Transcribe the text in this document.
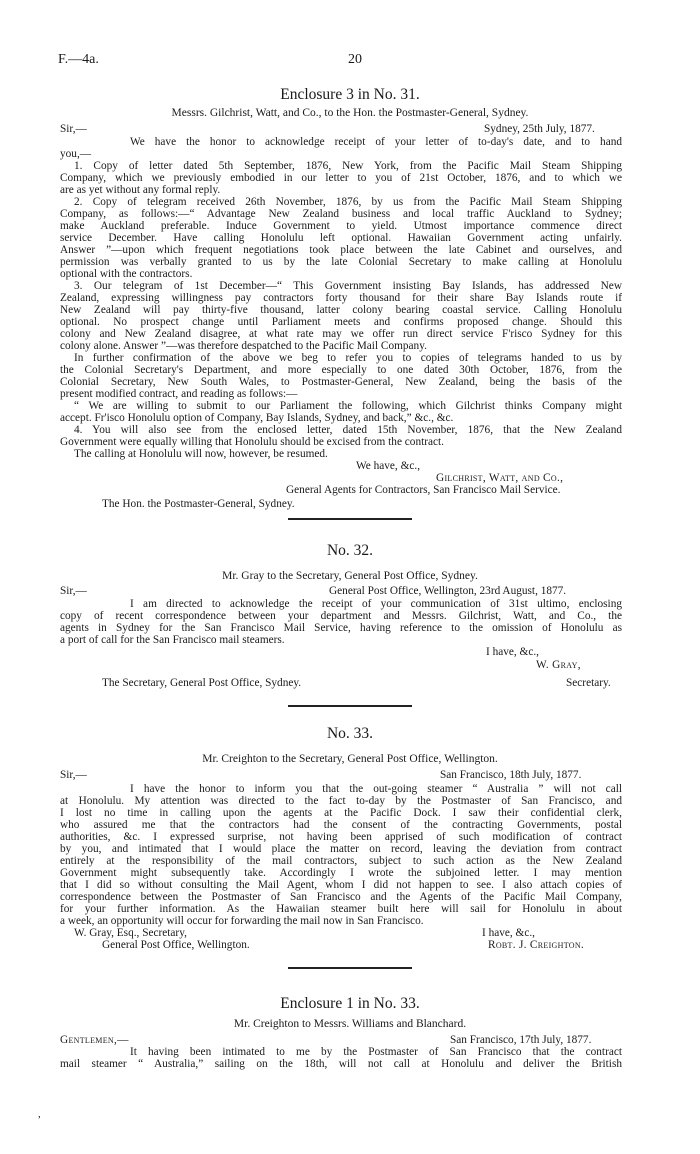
F.—4a.	20
Enclosure 3 in No. 31.
Messrs. Gilchrist, Watt, and Co., to the Hon. the Postmaster-General, Sydney.
Sir,—	Sydney, 25th July, 1877.
We have the honor to acknowledge receipt of your letter of to-day's date, and to hand
you,—
1. Copy of letter dated 5th September, 1876, New York, from the Pacific Mail Steam Shipping
Company, which we previously embodied in our letter to you of 21st October, 1876, and to which we
are as yet without any formal reply.
2. Copy of telegram received 26th November, 1876, by us from the Pacific Mail Steam Shipping
Company, as follows:—“ Advantage New Zealand business and local traffic Auckland to Sydney;
make Auckland preferable. Induce Government to yield. Utmost importance commence direct
service December. Have calling Honolulu left optional. Hawaiian Government acting unfairly.
Answer ”—upon which frequent negotiations took place between the late Cabinet and ourselves, and
permission was verbally granted to us by the late Colonial Secretary to make calling at Honolulu
optional with the contractors.
3. Our telegram of 1st December—“ This Government insisting Bay Islands, has addressed New
Zealand, expressing willingness pay contractors forty thousand for their share Bay Islands route if
New Zealand will pay thirty-five thousand, latter colony bearing coastal service. Calling Honolulu
optional. No prospect change until Parliament meets and confirms proposed change. Should this
colony and New Zealand disagree, at what rate may we offer run direct service F'risco Sydney for this
colony alone. Answer ”—was therefore despatched to the Pacific Mail Company.
In further confirmation of the above we beg to refer you to copies of telegrams handed to us by
the Colonial Secretary's Department, and more especially to one dated 30th October, 1876, from the
Colonial Secretary, New South Wales, to Postmaster-General, New Zealand, being the basis of the
present modified contract, and reading as follows:—
“ We are willing to submit to our Parliament the following, which Gilchrist thinks Company might
accept. Fr'isco Honolulu option of Company, Bay Islands, Sydney, and back,” &c., &c.
4. You will also see from the enclosed letter, dated 15th November, 1876, that the New Zealand
Government were equally willing that Honolulu should be excised from the contract.
The calling at Honolulu will now, however, be resumed.
We have, &c.,
Gilchrist, Watt, and Co.,
General Agents for Contractors, San Francisco Mail Service.
The Hon. the Postmaster-General, Sydney.
No. 32.
Mr. Gray to the Secretary, General Post Office, Sydney.
Sir,—	General Post Office, Wellington, 23rd August, 1877.
I am directed to acknowledge the receipt of your communication of 31st ultimo, enclosing
copy of recent correspondence between your department and Messrs. Gilchrist, Watt, and Co., the
agents in Sydney for the San Francisco Mail Service, having reference to the omission of Honolulu as
a port of call for the San Francisco mail steamers.
I have, &c.,
W. Gray,
The Secretary, General Post Office, Sydney.	Secretary.
No. 33.
Mr. Creighton to the Secretary, General Post Office, Wellington.
Sir,—	San Francisco, 18th July, 1877.
I have the honor to inform you that the out-going steamer “ Australia ” will not call
at Honolulu. My attention was directed to the fact to-day by the Postmaster of San Francisco, and
I lost no time in calling upon the agents at the Pacific Dock. I saw their confidential clerk,
who assured me that the contractors had the consent of the contracting Governments, postal
authorities, &c. I expressed surprise, not having been apprised of such modification of contract
by you, and intimated that I would place the matter on record, leaving the deviation from contract
entirely at the responsibility of the mail contractors, subject to such action as the New Zealand
Government might subsequently take. Accordingly I wrote the subjoined letter. I may mention
that I did so without consulting the Mail Agent, whom I did not happen to see. I also attach copies of
correspondence between the Postmaster of San Francisco and the Agents of the Pacific Mail Company,
for your further information. As the Hawaiian steamer built here will sail for Honolulu in about
a week, an opportunity will occur for forwarding the mail now in San Francisco.
W. Gray, Esq., Secretary,	I have, &c.,
General Post Office, Wellington.	Robt. J. Creighton.
Enclosure 1 in No. 33.
Mr. Creighton to Messrs. Williams and Blanchard.
Gentlemen,—	San Francisco, 17th July, 1877.
It having been intimated to me by the Postmaster of San Francisco that the contract
mail steamer “ Australia,” sailing on the 18th, will not call at Honolulu and deliver the British
,
